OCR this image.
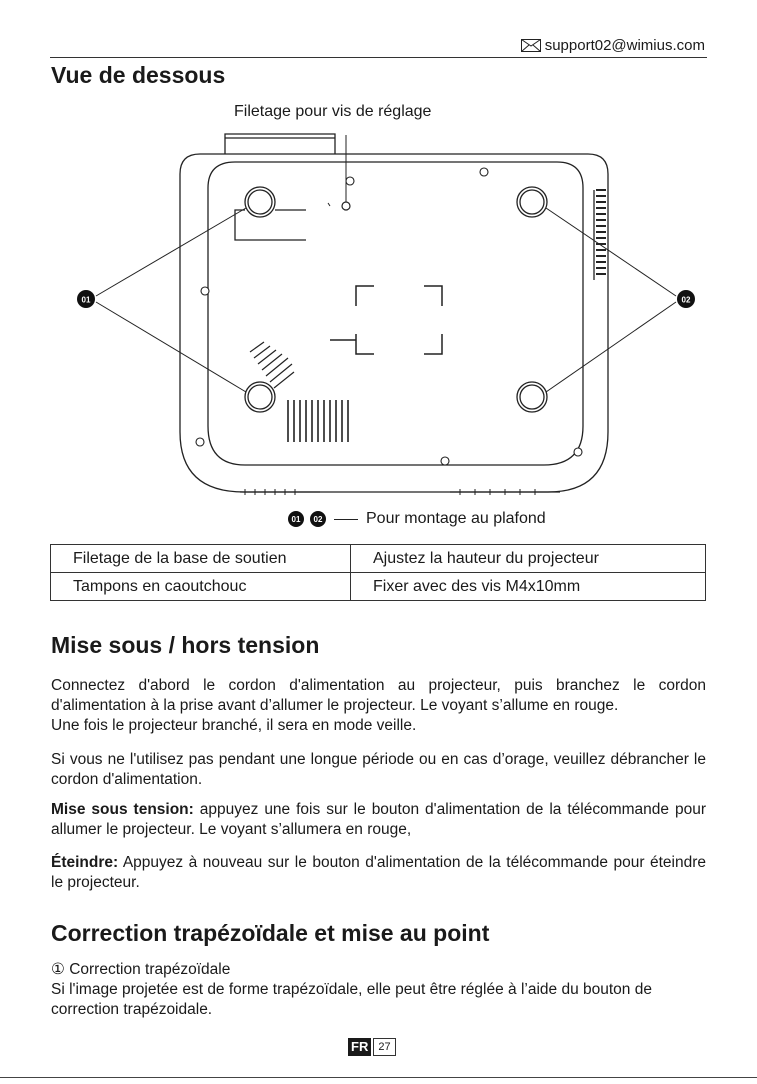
support02@wimius.com
Vue de dessous
Filetage pour vis de réglage
01	02
01	02	Pour montage au plafond
Filetage de la base de soutien	Ajustez la hauteur du projecteur
Tampons en caoutchouc	Fixer avec des vis M4x10mm
Mise sous / hors tension

Connectez d'abord le cordon d'alimentation au projecteur, puis branchez le cordon d'alimentation à la prise avant d’allumer le projecteur. Le voyant s’allume en rouge.

Une fois le projecteur branché, il sera en mode veille.

Si vous ne l'utilisez pas pendant une longue période ou en cas d’orage, veuillez débrancher le cordon d'alimentation.

Mise sous tension: appuyez une fois sur le bouton d'alimentation de la télécommande pour allumer le projecteur. Le voyant s’allumera en rouge,

Éteindre: Appuyez à nouveau sur le bouton d'alimentation de la télécommande pour éteindre le projecteur.

Correction trapézoïdale et mise au point

① Correction trapézoïdale

Si l'image projetée est de forme trapézoïdale, elle peut être réglée à l’aide du bouton de correction trapézoidale.

FR 27
